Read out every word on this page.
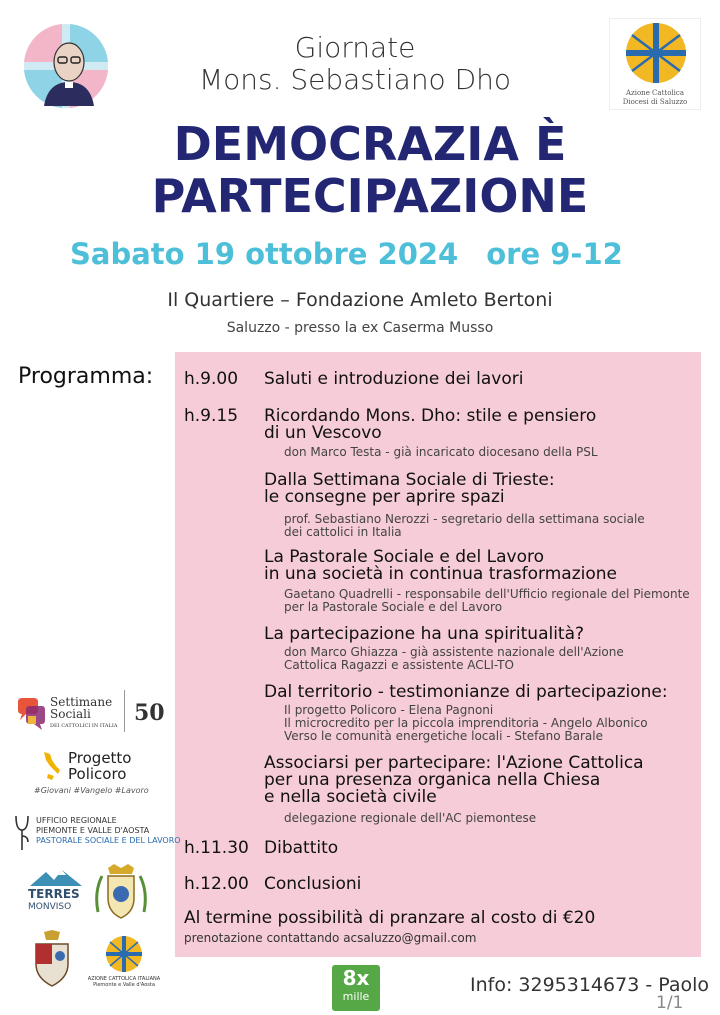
Azione Cattolica
Diocesi di Saluzzo
Giornate
Mons. Sebastiano Dho
DEMOCRAZIA È
PARTECIPAZIONE
Sabato 19 ottobre 2024 ore 9-12
Il Quartiere – Fondazione Amleto Bertoni
Saluzzo - presso la ex Caserma Musso
Programma: h.9.00 Saluti e introduzione dei lavori
h.9.15 Ricordando Mons. Dho: stile e pensiero
di un Vescovo
don Marco Testa - già incaricato diocesano della PSL
Dalla Settimana Sociale di Trieste:
le consegne per aprire spazi
prof. Sebastiano Nerozzi - segretario della settimana sociale
dei cattolici in Italia
La Pastorale Sociale e del Lavoro
in una società in continua trasformazione
Gaetano Quadrelli - responsabile dell'Ufficio regionale del Piemonte
per la Pastorale Sociale e del Lavoro
La partecipazione ha una spiritualità?
don Marco Ghiazza - già assistente nazionale dell'Azione
Cattolica Ragazzi e assistente ACLI-TO
Dal territorio - testimonianze di partecipazione:
Il progetto Policoro - Elena Pagnoni
Il microcredito per la piccola imprenditoria - Angelo Albonico
Verso le comunità energetiche locali - Stefano Barale
Associarsi per partecipare: l'Azione Cattolica
per una presenza organica nella Chiesa
e nella società civile
delegazione regionale dell'AC piemontese
h.11.30 Dibattito
h.12.00 Conclusioni
Al termine possibilità di pranzare al costo di €20
prenotazione contattando acsaluzzo@gmail.com
Settimane
Sociali
DEI CATTOLICI IN ITALIA 50
Progetto
Policoro
#Giovani #Vangelo #Lavoro
UFFICIO REGIONALE
PIEMONTE E VALLE D'AOSTA
PASTORALE SOCIALE E DEL LAVORO
TERRES
MONVISO
AZIONE CATTOLICA ITALIANA
Piemonte e Valle d'Aosta	8x
mille
Info: 3295314673 - Paolo
1/1
